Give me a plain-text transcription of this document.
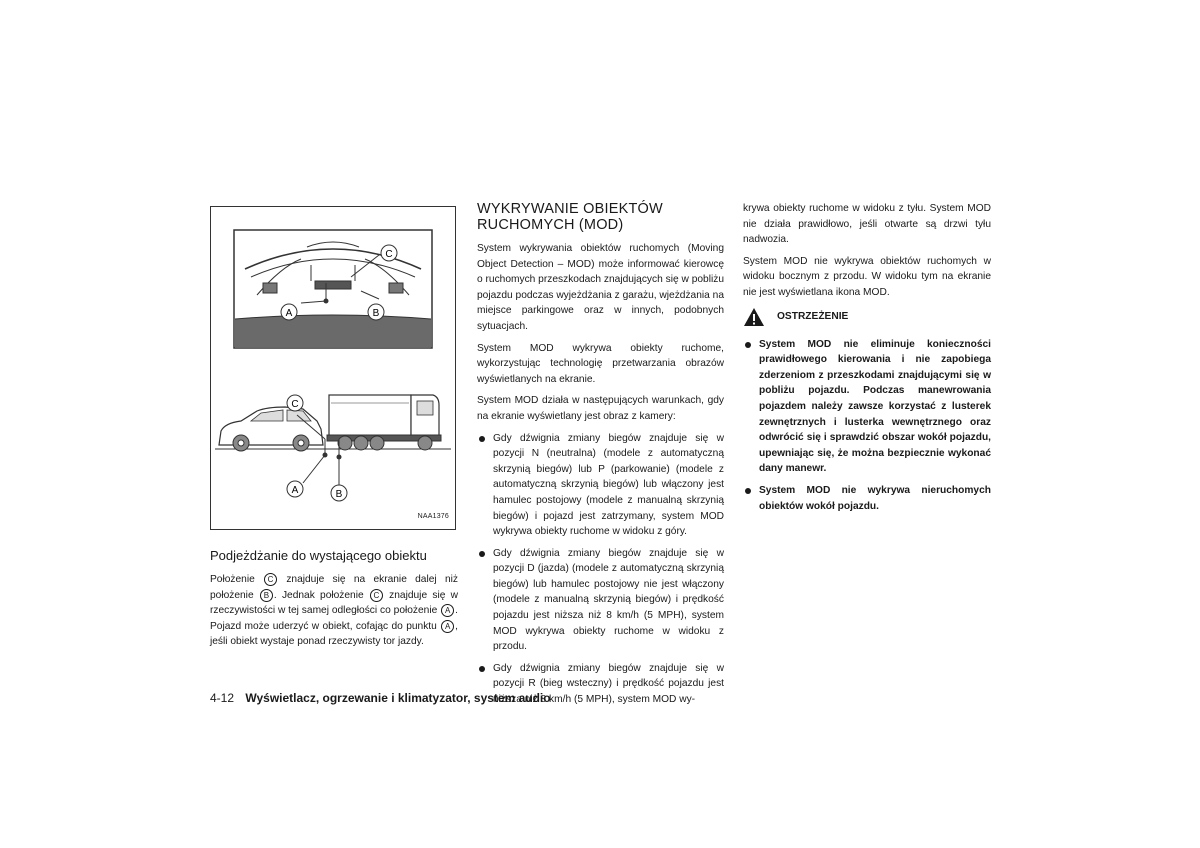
A	B
C
C
A	B
NAA1376
Podjeżdżanie do wystającego obiektu

Położenie C znajduje się na ekranie dalej niż położenie B . Jednak położenie C znajduje się w rzeczywistości w tej samej odległości co położenie A . Pojazd może uderzyć w obiekt, cofając do punktu A , jeśli obiekt wystaje ponad rzeczywisty tor jazdy.

WYKRYWANIE OBIEKTÓW RUCHOMYCH (MOD)

System wykrywania obiektów ruchomych (Moving Object Detection – MOD) może informować kierowcę o ruchomych przeszkodach znajdujących się w pobliżu pojazdu podczas wyjeżdżania z garażu, wjeżdżania na miejsce parkingowe oraz w innych, podobnych sytuacjach.

System MOD wykrywa obiekty ruchome, wykorzystując technologię przetwarzania obrazów wyświetlanych na ekranie.

System MOD działa w następujących warunkach, gdy na ekranie wyświetlany jest obraz z kamery:

Gdy dźwignia zmiany biegów znajduje się w pozycji N (neutralna) (modele z automatyczną skrzynią biegów) lub P (parkowanie) (modele z automatyczną skrzynią biegów) lub włączony jest hamulec postojowy (modele z manualną skrzynią biegów) i pojazd jest zatrzymany, system MOD wykrywa obiekty ruchome w widoku z góry.
Gdy dźwignia zmiany biegów znajduje się w pozycji D (jazda) (modele z automatyczną skrzynią biegów) lub hamulec postojowy nie jest włączony (modele z manualną skrzynią biegów) i prędkość pojazdu jest niższa niż 8 km/h (5 MPH), system MOD wykrywa obiekty ruchome w widoku z przodu.
Gdy dźwignia zmiany biegów znajduje się w pozycji R (bieg wsteczny) i prędkość pojazdu jest niższa niż 8 km/h (5 MPH), system MOD wy-

krywa obiekty ruchome w widoku z tyłu. System MOD nie działa prawidłowo, jeśli otwarte są drzwi tyłu nadwozia.

System MOD nie wykrywa obiektów ruchomych w widoku bocznym z przodu. W widoku tym na ekranie nie jest wyświetlana ikona MOD.

OSTRZEŻENIE
System MOD nie eliminuje konieczności prawidłowego kierowania i nie zapobiega zderzeniom z przeszkodami znajdującymi się w pobliżu pojazdu. Podczas manewrowania pojazdem należy zawsze korzystać z lusterek zewnętrznych i lusterka wewnętrznego oraz odwrócić się i sprawdzić obszar wokół pojazdu, upewniając się, że można bezpiecznie wykonać dany manewr.
System MOD nie wykrywa nieruchomych obiektów wokół pojazdu.
4-12 Wyświetlacz, ogrzewanie i klimatyzator, system audio
